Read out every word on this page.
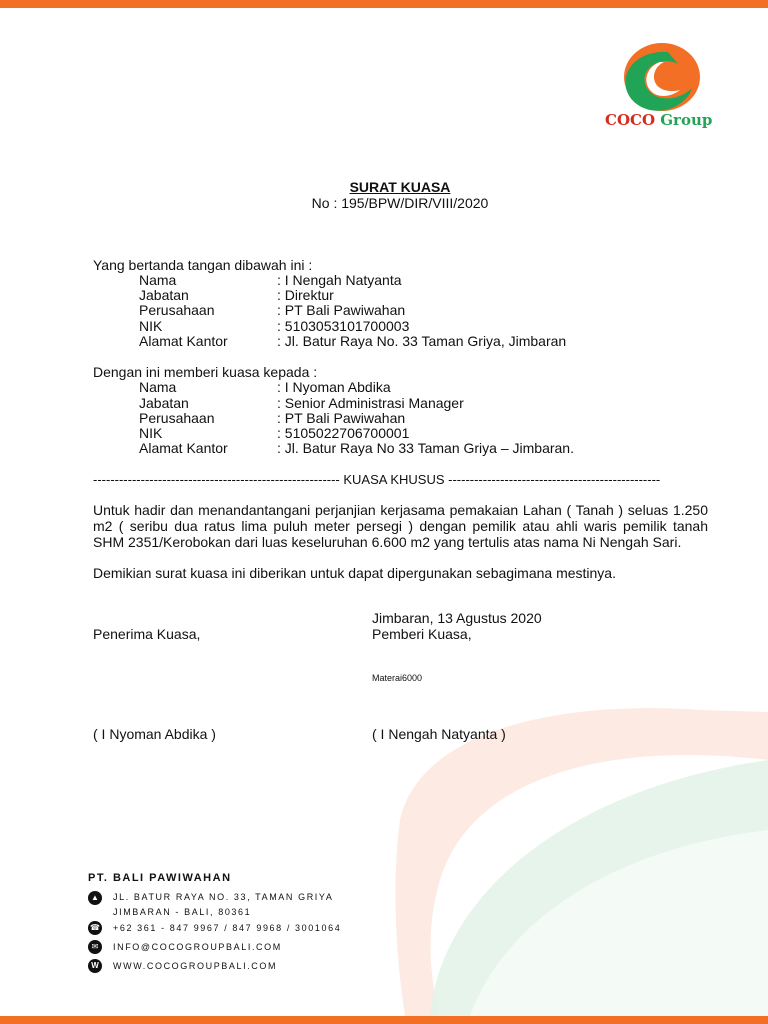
COCO Group
SURAT KUASA
No : 195/BPW/DIR/VIII/2020
Yang bertanda tangan dibawah ini :
Nama	: I Nengah Natyanta
Jabatan	: Direktur
Perusahaan	: PT Bali Pawiwahan
NIK	: 5103053101700003
Alamat Kantor	: Jl. Batur Raya No. 33 Taman Griya, Jimbaran
Dengan ini memberi kuasa kepada :
Nama	: I Nyoman Abdika
Jabatan	: Senior Administrasi Manager
Perusahaan	: PT Bali Pawiwahan
NIK	: 5105022706700001
Alamat Kantor	: Jl. Batur Raya No 33 Taman Griya – Jimbaran.
--------------------------------------------------------- KUASA KHUSUS -------------------------------------------------
Untuk hadir dan menandantangani perjanjian kerjasama pemakaian Lahan ( Tanah ) seluas 1.250
m2 ( seribu dua ratus lima puluh meter persegi ) dengan pemilik atau ahli waris pemilik tanah
SHM 2351/Kerobokan dari luas keseluruhan 6.600 m2 yang tertulis atas nama Ni Nengah Sari.
Demikian surat kuasa ini diberikan untuk dapat dipergunakan sebagimana mestinya.
Jimbaran, 13 Agustus 2020
Penerima Kuasa,	Pemberi Kuasa,
Materai6000
( I Nyoman Abdika )	( I Nengah Natyanta )
PT. BALI PAWIWAHAN
▲	JL. BATUR RAYA NO. 33, TAMAN GRIYA
JIMBARAN - BALI, 80361
☎ +62 361 - 847 9967 / 847 9968 / 3001064
✉	INFO@COCOGROUPBALI.COM
W	WWW.COCOGROUPBALI.COM
